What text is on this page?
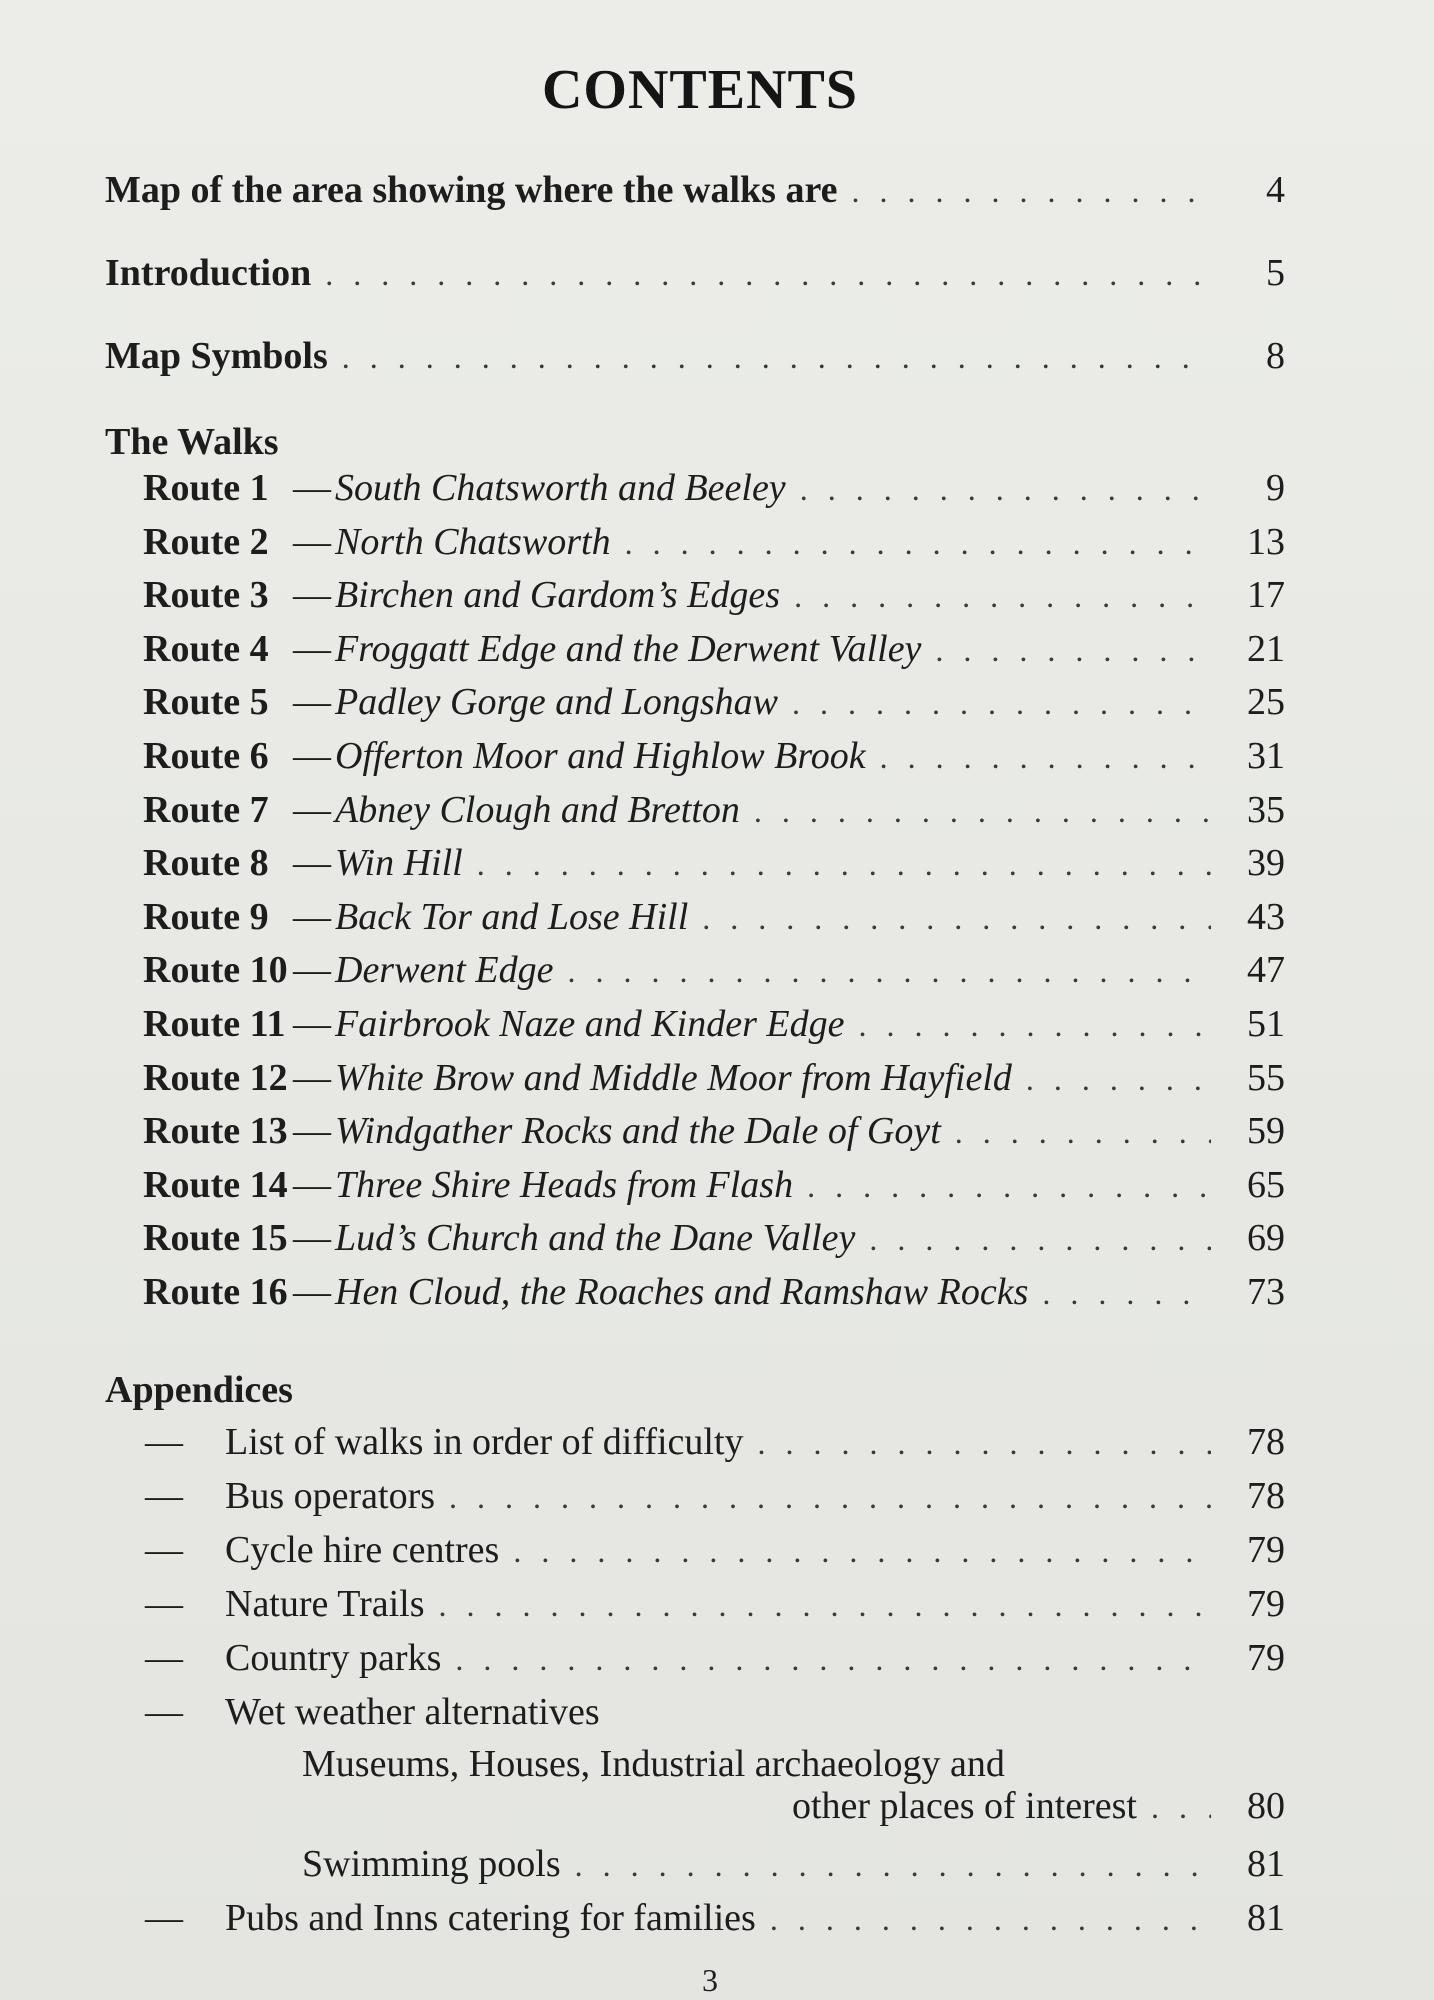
CONTENTS
Map of the area showing where the walks are . . .	4
Introduction . . .	5
Map Symbols . . .	8
The Walks
Route 1 — South Chatsworth and Beeley . . .	9
Route 2 — North Chatsworth . . .	13
Route 3 — Birchen and Gardom’s Edges . . .	17
Route 4 — Froggatt Edge and the Derwent Valley . . .	21
Route 5 — Padley Gorge and Longshaw . . .	25
Route 6 — Offerton Moor and Highlow Brook . . .	31
Route 7 — Abney Clough and Bretton . . .	35
Route 8 — Win Hill . . .	39
Route 9 — Back Tor and Lose Hill . . .	43
Route 10 — Derwent Edge . . .	47
Route 11 — Fairbrook Naze and Kinder Edge . . .	51
Route 12 — White Brow and Middle Moor from Hayfield . . .	55
Route 13 — Windgather Rocks and the Dale of Goyt . . .	59
Route 14 — Three Shire Heads from Flash . . .	65
Route 15 — Lud’s Church and the Dane Valley . . .	69
Route 16 — Hen Cloud, the Roaches and Ramshaw Rocks . . .	73
Appendices
—	List of walks in order of difficulty . . .	78
—	Bus operators . . .	78
—	Cycle hire centres . . .	79
—	Nature Trails . . .	79
—	Country parks . . .	79
—	Wet weather alternatives
Museums, Houses, Industrial archaeology and
other places of interest . . .	80
Swimming pools . . .	81
—	Pubs and Inns catering for families . . .	81
3
